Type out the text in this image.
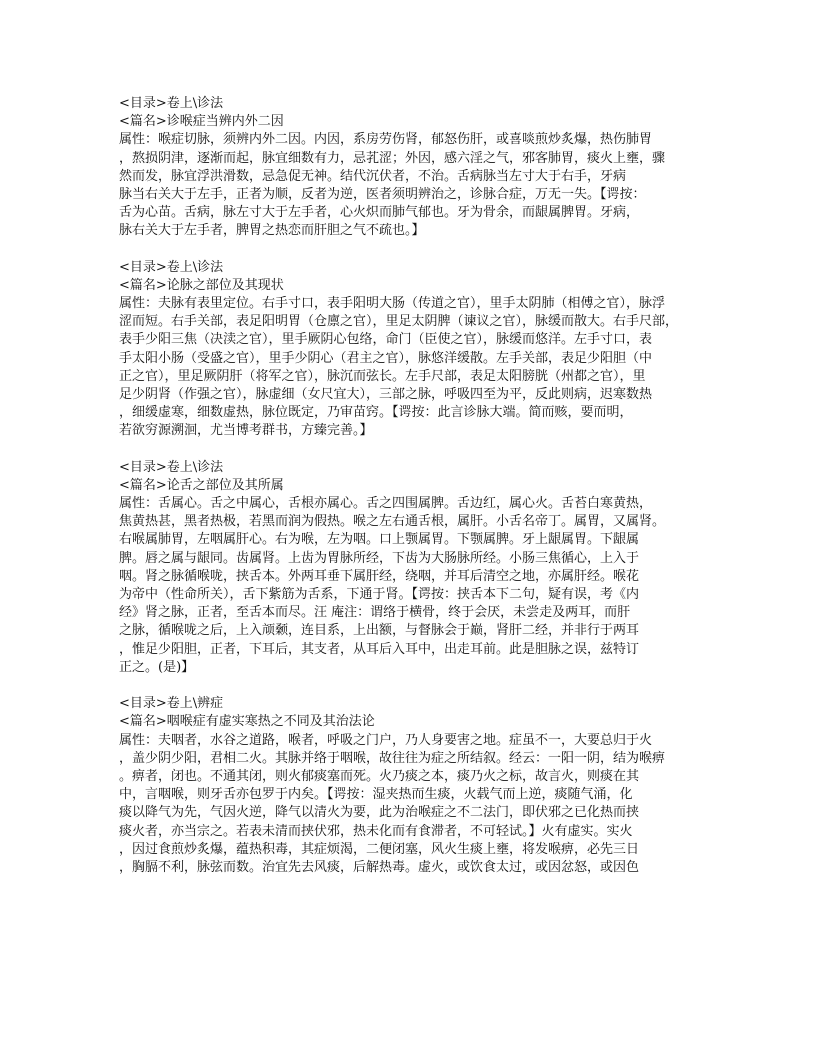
<目录>卷上\诊法
<篇名>诊喉症当辨内外二因
属性：喉症切脉，须辨内外二因。内因，系房劳伤肾，郁怒伤肝，或喜啖煎炒炙爆，热伤肺胃
，熬损阴津，逐渐而起，脉宜细数有力，忌芤涩；外因，感六淫之气，邪客肺胃，痰火上壅，骤
然而发，脉宜浮洪滑数，忌急促无神。结代沉伏者，不治。舌病脉当左寸大于右手，牙病
脉当右关大于左手，正者为顺，反者为逆，医者须明辨治之，诊脉合症，万无一失。【谔按：
舌为心苗。舌病，脉左寸大于左手者，心火炽而肺气郁也。牙为骨余，而龈属脾胃。牙病，
脉右关大于左手者，脾胃之热恋而肝胆之气不疏也。】
<目录>卷上\诊法
<篇名>论脉之部位及其现状
属性：夫脉有表里定位。右手寸口，表手阳明大肠（传道之官），里手太阴肺（相傅之官），脉浮
涩而短。右手关部，表足阳明胃（仓廪之官），里足太阴脾（谏议之官），脉缓而散大。右手尺部，
表手少阳三焦（决渎之官），里手厥阴心包络，命门（臣使之官），脉缓而悠洋。左手寸口，表
手太阳小肠（受盛之官），里手少阴心（君主之官），脉悠洋缓散。左手关部，表足少阳胆（中
正之官），里足厥阴肝（将军之官），脉沉而弦长。左手尺部，表足太阳膀胱（州都之官），里
足少阴肾（作强之官），脉虚细（女尺宜大），三部之脉，呼吸四至为平，反此则病，迟寒数热
，细缓虚寒，细数虚热，脉位既定，乃审苗窍。【谔按：此言诊脉大端。简而赅，要而明，
若欲穷源溯洄，尤当博考群书，方臻完善。】
<目录>卷上\诊法
<篇名>论舌之部位及其所属
属性：舌属心。舌之中属心，舌根亦属心。舌之四围属脾。舌边红，属心火。舌苔白寒黄热，
焦黄热甚，黑者热极，若黑而润为假热。喉之左右通舌根，属肝。小舌名帝丁。属胃，又属肾。
右喉属肺胃，左咽属肝心。右为喉，左为咽。口上颚属胃。下颚属脾。牙上龈属胃。下龈属
脾。唇之属与龈同。齿属肾。上齿为胃脉所经，下齿为大肠脉所经。小肠三焦循心，上入于
咽。肾之脉循喉咙，挟舌本。外两耳垂下属肝经，绕咽，并耳后清空之地，亦属肝经。喉花
为帝中（性命所关），舌下紫筋为舌系，下通于肾。【谔按：挟舌本下二句，疑有误，考《内
经》肾之脉，正者，至舌本而尽。汪 庵注：谓络于横骨，终于会厌，未尝走及两耳，而肝
之脉，循喉咙之后，上入颃颡，连目系，上出额，与督脉会于巅，肾肝二经，并非行于两耳
，惟足少阳胆，正者，下耳后，其支者，从耳后入耳中，出走耳前。此是胆脉之误，兹特订
正之。(是)】
<目录>卷上\辨症
<篇名>咽喉症有虚实寒热之不同及其治法论
属性：夫咽者，水谷之道路，喉者，呼吸之门户，乃人身要害之地。症虽不一，大要总归于火
，盖少阴少阳，君相二火。其脉并络于咽喉，故往往为症之所结叙。经云：一阳一阴，结为喉痹
。痹者，闭也。不通其闭，则火郁痰塞而死。火乃痰之本，痰乃火之标，故言火，则痰在其
中，言咽喉，则牙舌亦包罗于内矣。【谔按：湿夹热而生痰，火载气而上逆，痰随气涌，化
痰以降气为先，气因火逆，降气以清火为要，此为治喉症之不二法门，即伏邪之已化热而挟
痰火者，亦当宗之。若表未清而挟伏邪，热未化而有食滞者，不可轻试。】火有虚实。实火
，因过食煎炒炙爆，蕴热积毒，其症烦渴，二便闭塞，风火生痰上壅，将发喉痹，必先三日
，胸膈不利，脉弦而数。治宜先去风痰，后解热毒。虚火，或饮食太过，或因忿怒，或因色
